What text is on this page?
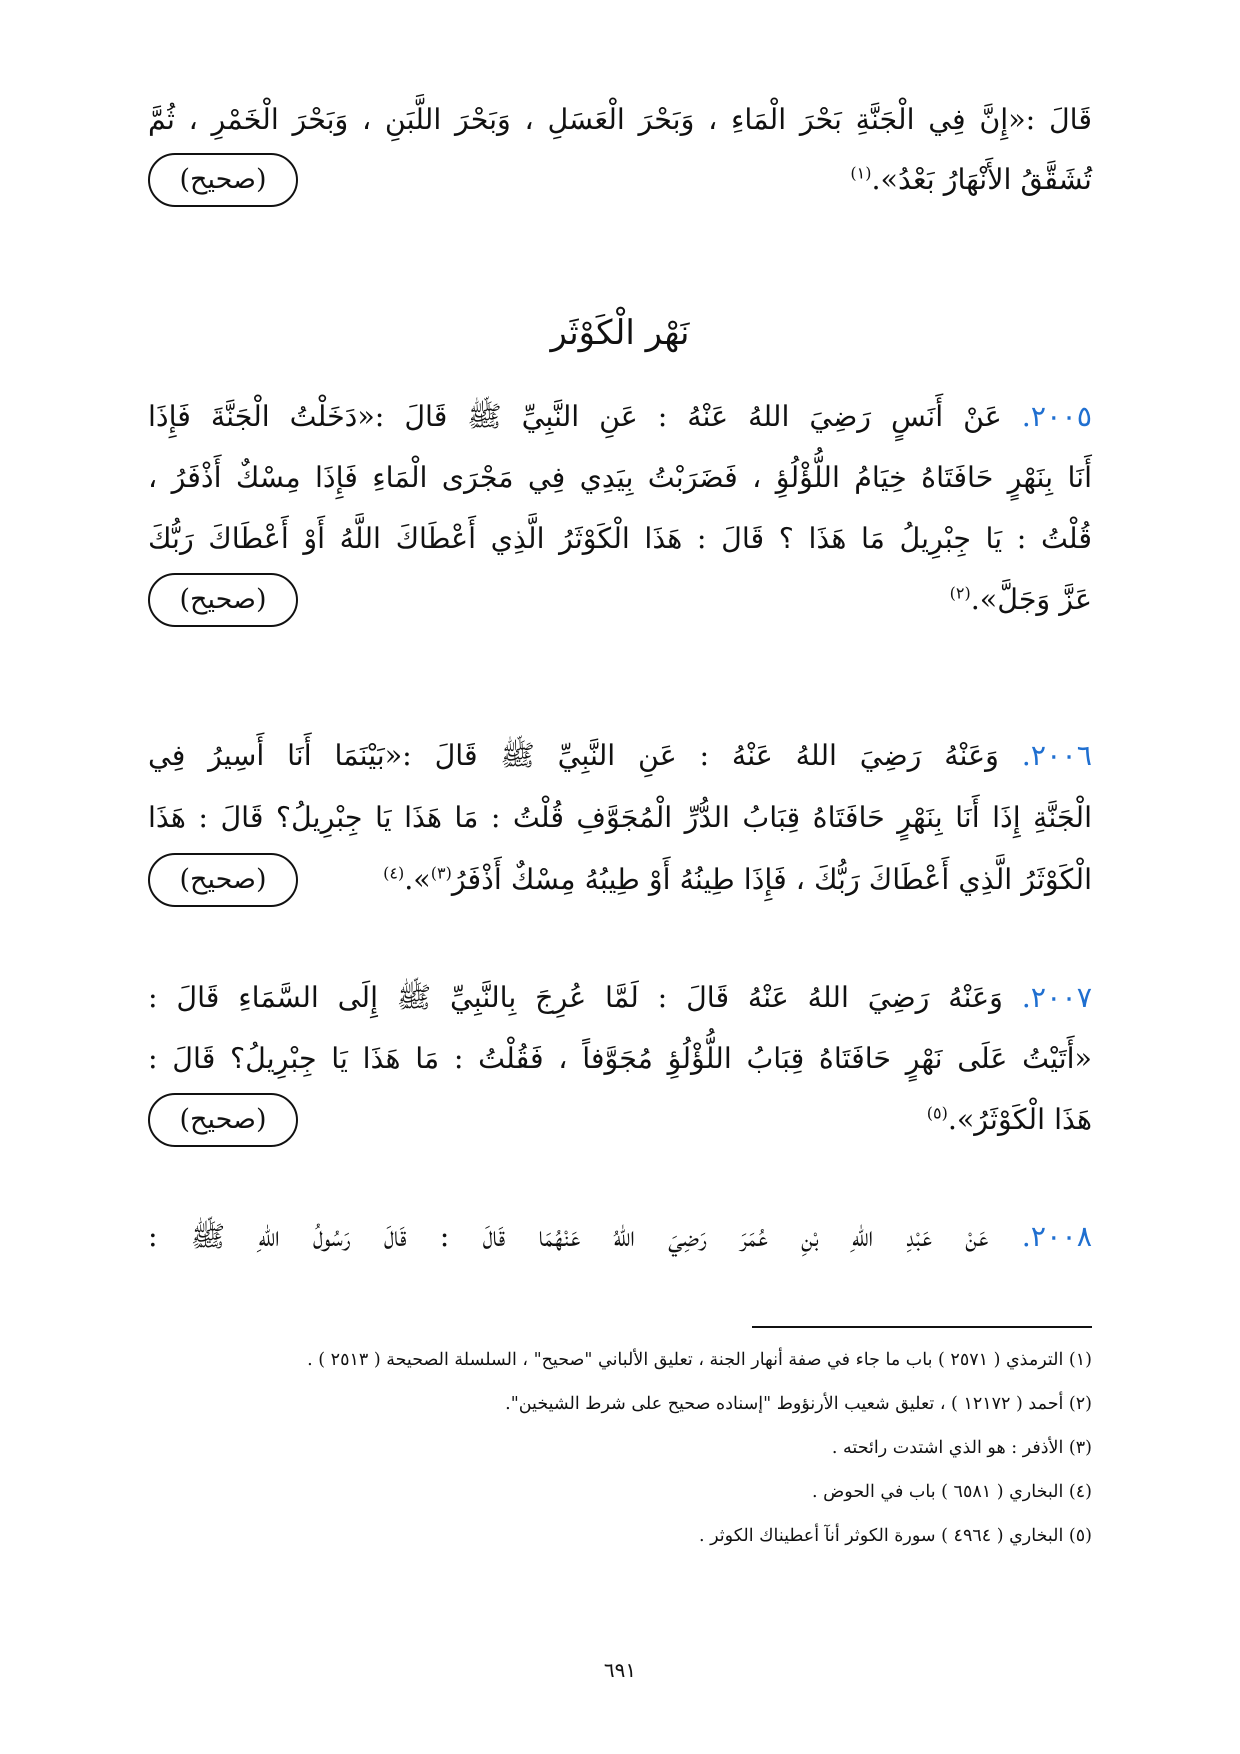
قَالَ :«إِنَّ فِي الْجَنَّةِ بَحْرَ الْمَاءِ ، وَبَحْرَ الْعَسَلِ ، وَبَحْرَ اللَّبَنِ ، وَبَحْرَ الْخَمْرِ ، ثُمَّ
تُشَقَّقُ الأَنْهَارُ بَعْدُ».$^{(١)}$
(صحيح)
نَهْر الْكَوْثَر
٢٠٠٥. عَنْ أَنَسٍ رَضِيَ اللهُ عَنْهُ : عَنِ النَّبِيِّ ﷺ قَالَ :«دَخَلْتُ الْجَنَّةَ فَإِذَا
أَنَا بِنَهْرٍ حَافَتَاهُ خِيَامُ اللُّؤْلُؤِ ، فَضَرَبْتُ بِيَدِي فِي مَجْرَى الْمَاءِ فَإِذَا مِسْكٌ أَذْفَرُ ،
قُلْتُ : يَا جِبْرِيلُ مَا هَذَا ؟ قَالَ : هَذَا الْكَوْثَرُ الَّذِي أَعْطَاكَ اللَّهُ أَوْ أَعْطَاكَ رَبُّكَ
عَزَّ وَجَلَّ».$^{(٢)}$
(صحيح)
٢٠٠٦. وَعَنْهُ رَضِيَ اللهُ عَنْهُ : عَنِ النَّبِيِّ ﷺ قَالَ :«بَيْنَمَا أَنَا أَسِيرُ فِي
الْجَنَّةِ إِذَا أَنَا بِنَهْرٍ حَافَتَاهُ قِبَابُ الدُّرِّ الْمُجَوَّفِ قُلْتُ : مَا هَذَا يَا جِبْرِيلُ؟ قَالَ : هَذَا
الْكَوْثَرُ الَّذِي أَعْطَاكَ رَبُّكَ ، فَإِذَا طِينُهُ أَوْ طِيبُهُ مِسْكٌ أَذْفَرُ$^{(٣)}$».$^{(٤)}$
(صحيح)
٢٠٠٧. وَعَنْهُ رَضِيَ اللهُ عَنْهُ قَالَ : لَمَّا عُرِجَ بِالنَّبِيِّ ﷺ إِلَى السَّمَاءِ قَالَ :
«أَتَيْتُ عَلَى نَهْرٍ حَافَتَاهُ قِبَابُ اللُّؤْلُؤِ مُجَوَّفاً ، فَقُلْتُ : مَا هَذَا يَا جِبْرِيلُ؟ قَالَ :
هَذَا الْكَوْثَرُ».$^{(٥)}$
(صحيح)
٢٠٠٨. عَنْ عَبْدِ اللهِ بْنِ عُمَرَ رَضِيَ اللهُ عَنْهُمَا قَالَ : قَالَ رَسُولُ اللهِ ﷺ :
(١) الترمذي ( ٢٥٧١ ) باب ما جاء في صفة أنهار الجنة ، تعليق الألباني "صحيح" ، السلسلة الصحيحة ( ٢٥١٣ ) .
(٢) أحمد ( ١٢١٧٢ ) ، تعليق شعيب الأرنؤوط "إسناده صحيح على شرط الشيخين".
(٣) الأذفر : هو الذي اشتدت رائحته .
(٤) البخاري ( ٦٥٨١ ) باب في الحوض .
(٥) البخاري ( ٤٩٦٤ ) سورة الكوثر أنآ أعطيناك الكوثر .
٦٩١
